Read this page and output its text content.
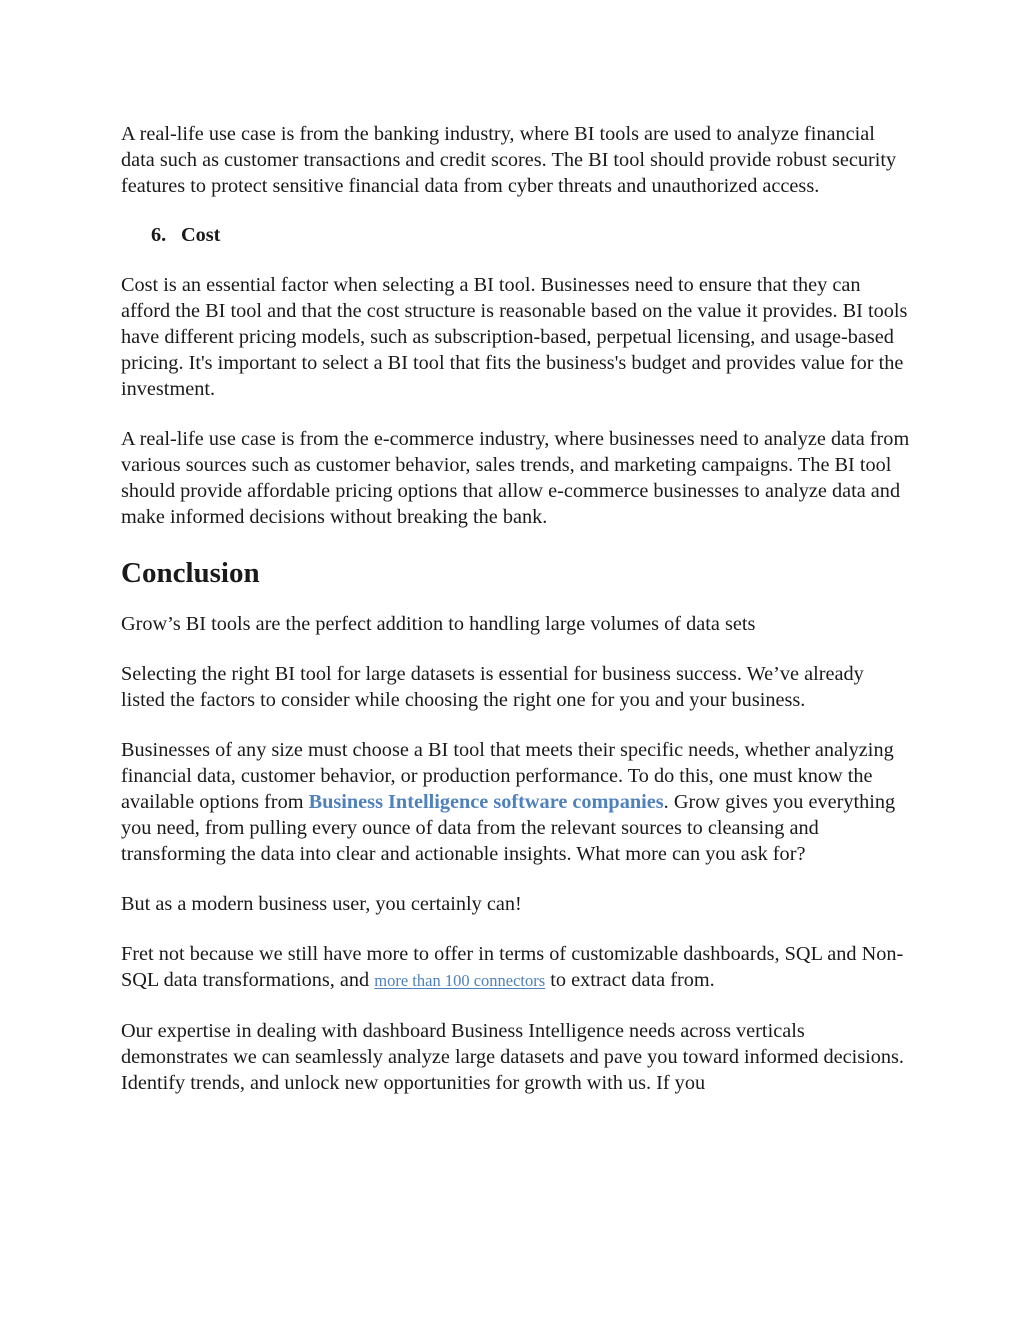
A real-life use case is from the banking industry, where BI tools are used to analyze financial data such as customer transactions and credit scores. The BI tool should provide robust security features to protect sensitive financial data from cyber threats and unauthorized access.

6. Cost

Cost is an essential factor when selecting a BI tool. Businesses need to ensure that they can afford the BI tool and that the cost structure is reasonable based on the value it provides. BI tools have different pricing models, such as subscription-based, perpetual licensing, and usage-based pricing. It's important to select a BI tool that fits the business's budget and provides value for the investment.

A real-life use case is from the e-commerce industry, where businesses need to analyze data from various sources such as customer behavior, sales trends, and marketing campaigns. The BI tool should provide affordable pricing options that allow e-commerce businesses to analyze data and make informed decisions without breaking the bank.

Conclusion

Grow’s BI tools are the perfect addition to handling large volumes of data sets

Selecting the right BI tool for large datasets is essential for business success. We’ve already listed the factors to consider while choosing the right one for you and your business.

Businesses of any size must choose a BI tool that meets their specific needs, whether analyzing financial data, customer behavior, or production performance. To do this, one must know the available options from Business Intelligence software companies. Grow gives you everything you need, from pulling every ounce of data from the relevant sources to cleansing and transforming the data into clear and actionable insights. What more can you ask for?

But as a modern business user, you certainly can!

Fret not because we still have more to offer in terms of customizable dashboards, SQL and Non-SQL data transformations, and more than 100 connectors to extract data from.

Our expertise in dealing with dashboard Business Intelligence needs across verticals demonstrates we can seamlessly analyze large datasets and pave you toward informed decisions. Identify trends, and unlock new opportunities for growth with us. If you
